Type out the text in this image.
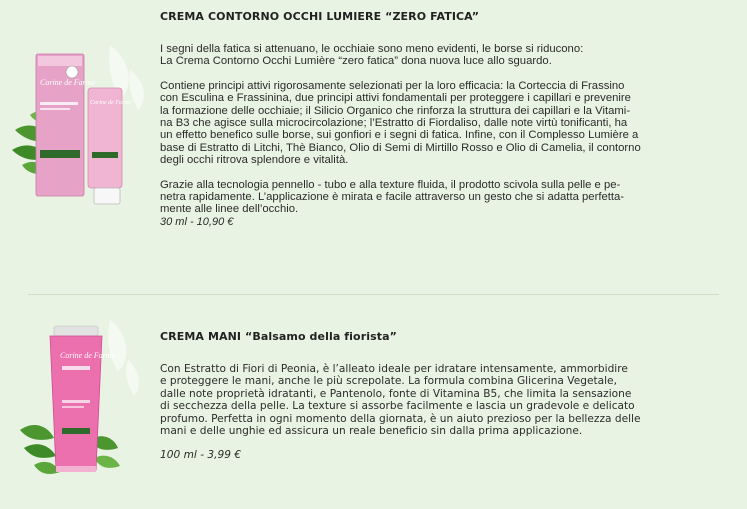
Corine de Farme
Corine de Farme
CREMA CONTORNO OCCHI LUMIERE “ZERO FATICA”
I segni della fatica si attenuano, le occhiaie sono meno evidenti, le borse si riducono:
La Crema Contorno Occhi Lumière “zero fatica” dona nuova luce allo sguardo.
Contiene principi attivi rigorosamente selezionati per la loro efficacia: la Corteccia di Frassino
con Esculina e Frassinina, due principi attivi fondamentali per proteggere i capillari e prevenire
la formazione delle occhiaie; il Silicio Organico che rinforza la struttura dei capillari e la Vitami-
na B3 che agisce sulla microcircolazione; l’Estratto di Fiordaliso, dalle note virtù tonificanti, ha
un effetto benefico sulle borse, sui gonfiori e i segni di fatica. Infine, con il Complesso Lumière a
base di Estratto di Litchi, Thè Bianco, Olio di Semi di Mirtillo Rosso e Olio di Camelia, il contorno
degli occhi ritrova splendore e vitalità.
Grazie alla tecnologia pennello - tubo e alla texture fluida, il prodotto scivola sulla pelle e pe-
netra rapidamente. L’applicazione è mirata e facile attraverso un gesto che si adatta perfetta-
mente alle linee dell’occhio.
30 ml - 10,90 €
Corine de Farme
CREMA MANI “Balsamo della fiorista”
Con Estratto di Fiori di Peonia, è l’alleato ideale per idratare intensamente, ammorbidire
e proteggere le mani, anche le più screpolate. La formula combina Glicerina Vegetale,
dalle note proprietà idratanti, e Pantenolo, fonte di Vitamina B5, che limita la sensazione
di secchezza della pelle. La texture si assorbe facilmente e lascia un gradevole e delicato
profumo. Perfetta in ogni momento della giornata, è un aiuto prezioso per la bellezza delle
mani e delle unghie ed assicura un reale beneficio sin dalla prima applicazione.
100 ml - 3,99 €
